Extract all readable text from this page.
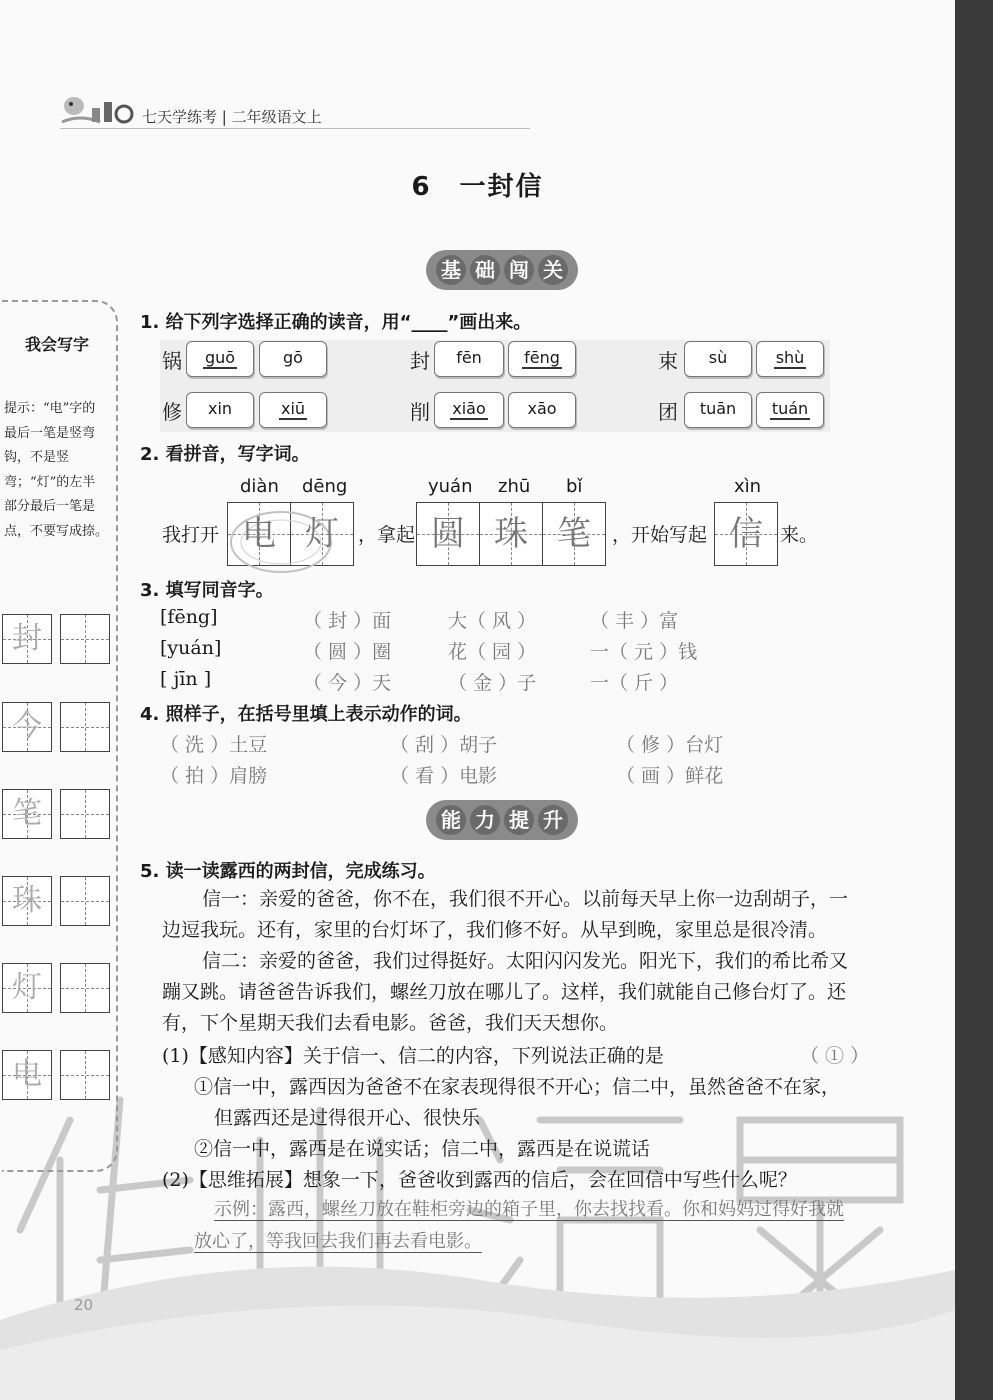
七天学练考 | 二年级语文上
6　一封信
基 础 闯 关
我会写字
提示：“电”字的最后一笔是竖弯钩，不是竖弯；“灯”的左半部分最后一笔是点，不要写成捺。
封
今
笔
珠
灯
电
1. 给下列字选择正确的读音，用“____”画出来。
锅	guō	gō	封	fēn	fēng	束	sù	shù
修	xin	xiū	削	xiāo	xāo	团	tuān	tuán
2. 看拼音，写字词。
diàn dēng	yuán zhū bǐ	xìn
我打开 电 灯	，拿起 圆 珠 笔	，开始写起 信 来。
3. 填写同音字。
[fēng]	（ 封 ）面	大（ 风 ）	（ 丰 ）富
[yuán]	（ 圆 ）圈	花（ 园 ）	一（ 元 ）钱
[ jīn ]	（ 今 ）天	（ 金 ）子	一（ 斤 ）
4. 照样子，在括号里填上表示动作的词。
（ 洗 ）土豆	（ 刮 ）胡子	（ 修 ）台灯
（ 拍 ）肩膀	（ 看 ）电影	（ 画 ）鲜花
能 力 提 升
5. 读一读露西的两封信，完成练习。
信一：亲爱的爸爸，你不在，我们很不开心。以前每天早上你一边刮胡子，一边逗我玩。还有，家里的台灯坏了，我们修不好。从早到晚，家里总是很冷清。
信二：亲爱的爸爸，我们过得挺好。太阳闪闪发光。阳光下，我们的希比希又蹦又跳。请爸爸告诉我们，螺丝刀放在哪儿了。这样，我们就能自己修台灯了。还有，下个星期天我们去看电影。爸爸，我们天天想你。
(1)【感知内容】关于信一、信二的内容，下列说法正确的是	（ ① ）
①信一中，露西因为爸爸不在家表现得很不开心；信二中，虽然爸爸不在家，
但露西还是过得很开心、很快乐
②信一中，露西是在说实话；信二中，露西是在说谎话
(2)【思维拓展】想象一下，爸爸收到露西的信后，会在回信中写些什么呢？
示例：露西，螺丝刀放在鞋柜旁边的箱子里，你去找找看。你和妈妈过得好我就放心了，等我回去我们再去看电影。
20
